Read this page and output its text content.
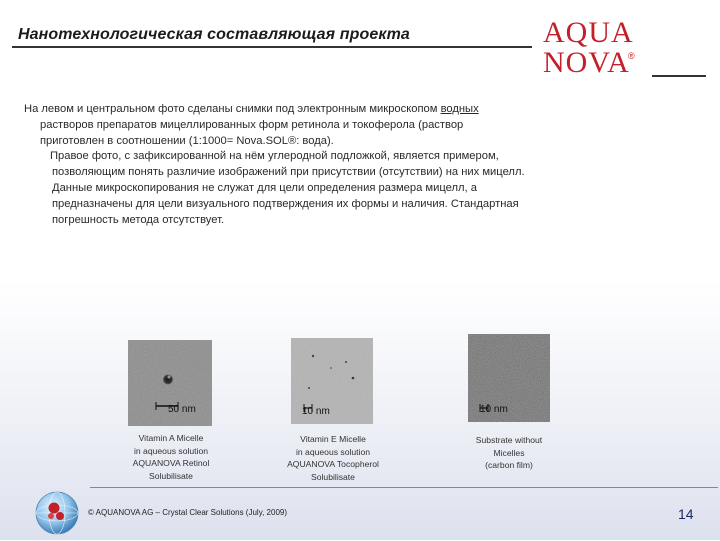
Нанотехнологическая составляющая проекта	AQUA
NOVA
®

На левом и центральном фото сделаны снимки под электронным микроскопом водных
растворов препаратов мицеллированных форм ретинола и токоферола (раствор
приготовлен в соотношении (1:1000= Nova.SOL®: вода).

Правое фото, с зафиксированной на нём углеродной подложкой, является примером,
позволяющим понять различие изображений при присутствии (отсутствии) на них мицелл.
Данные микроскопирования не служат для цели определения размера мицелл, а
предназначены для цели визуального подтверждения их формы и наличия. Стандартная
погрешность метода отсутствует.

50 nm
Vitamin A Micelle
in aqueous solution
AQUANOVA Retinol
Solubilisate
10 nm
Vitamin E Micelle
in aqueous solution
AQUANOVA Tocopherol
Solubilisate
10 nm
Substrate without
Micelles
(carbon film)
© AQUANOVA AG – Crystal Clear Solutions (July, 2009)	14
